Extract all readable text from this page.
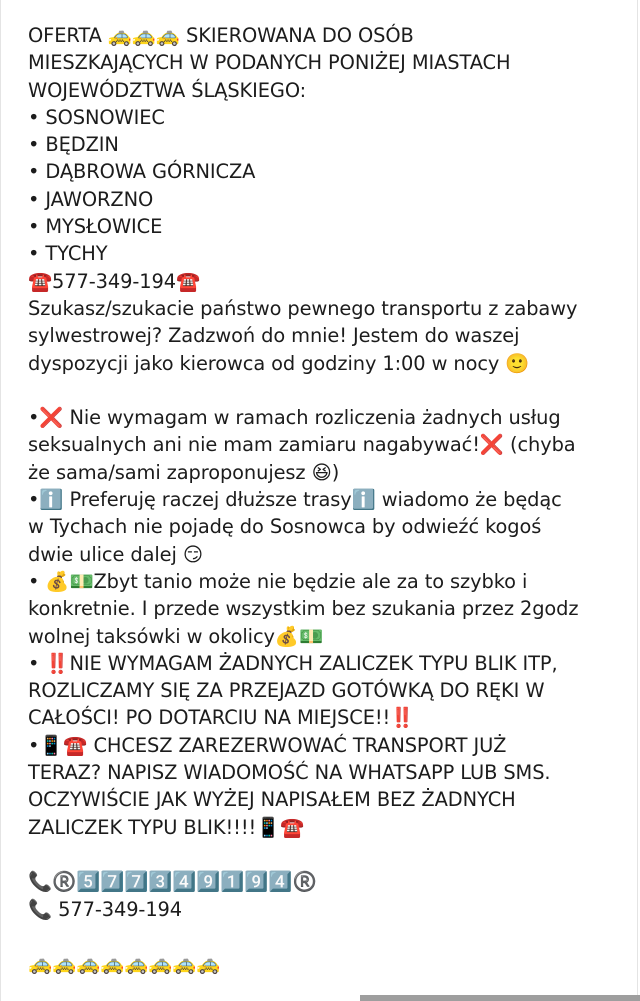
OFERTA 🚕🚕🚕 SKIEROWANA DO OSÓB
MIESZKAJĄCYCH W PODANYCH PONIŻEJ MIASTACH
WOJEWÓDZTWA ŚLĄSKIEGO:
• SOSNOWIEC
• BĘDZIN
• DĄBROWA GÓRNICZA
• JAWORZNO
• MYSŁOWICE
• TYCHY
☎️577-349-194☎️
Szukasz/szukacie państwo pewnego transportu z zabawy
sylwestrowej? Zadzwoń do mnie! Jestem do waszej
dyspozycji jako kierowca od godziny 1:00 w nocy 🙂
•❌ Nie wymagam w ramach rozliczenia żadnych usług
seksualnych ani nie mam zamiaru nagabywać!❌ (chyba
że sama/sami zaproponujesz 😆)
•ℹ️ Preferuję raczej dłuższe trasyℹ️ wiadomo że będąc
w Tychach nie pojadę do Sosnowca by odwieźć kogoś
dwie ulice dalej 😏
• 💰💵Zbyt tanio może nie będzie ale za to szybko i
konkretnie. I przede wszystkim bez szukania przez 2godz
wolnej taksówki w okolicy💰💵
• ‼️NIE WYMAGAM ŻADNYCH ZALICZEK TYPU BLIK ITP,
ROZLICZAMY SIĘ ZA PRZEJAZD GOTÓWKĄ DO RĘKI W
CAŁOŚCI! PO DOTARCIU NA MIEJSCE!!‼️
•📱☎️ CHCESZ ZAREZERWOWAĆ TRANSPORT JUŻ
TERAZ? NAPISZ WIADOMOŚĆ NA WHATSAPP LUB SMS.
OCZYWIŚCIE JAK WYŻEJ NAPISAŁEM BEZ ŻADNYCH
ZALICZEK TYPU BLIK!!!!📱☎️
📞®️5️⃣7️⃣7️⃣3️⃣4️⃣9️⃣1️⃣9️⃣4️⃣®️
📞 577-349-194
🚕🚕🚕🚕🚕🚕🚕🚕
